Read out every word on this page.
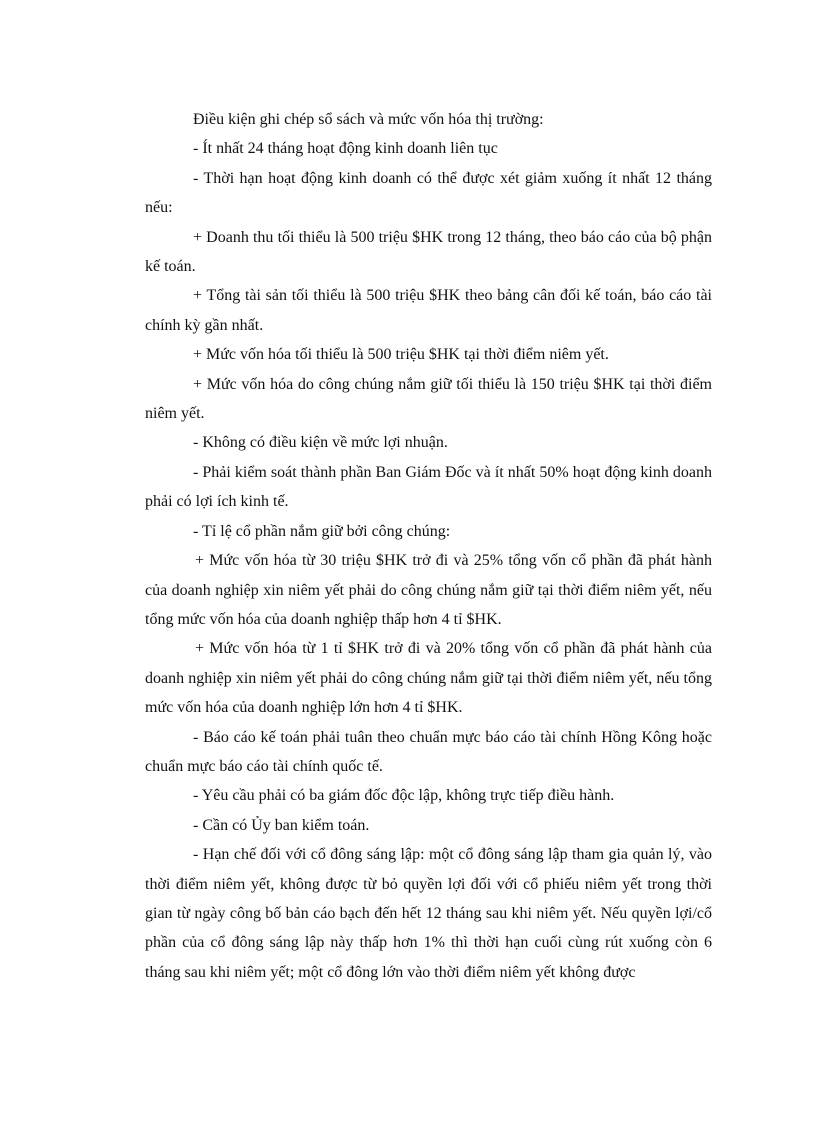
Điều kiện ghi chép sổ sách và mức vốn hóa thị trường:

- Ít nhất 24 tháng hoạt động kinh doanh liên tục

- Thời hạn hoạt động kinh doanh có thể được xét giảm xuống ít nhất 12 tháng nếu:

+ Doanh thu tối thiểu là 500 triệu $HK trong 12 tháng, theo báo cáo của bộ phận kế toán.

+ Tổng tài sản tối thiểu là 500 triệu $HK theo bảng cân đối kế toán, báo cáo tài chính kỳ gần nhất.

+ Mức vốn hóa tối thiểu là 500 triệu $HK tại thời điểm niêm yết.

+ Mức vốn hóa do công chúng nắm giữ tối thiểu là 150 triệu $HK tại thời điểm niêm yết.

- Không có điều kiện về mức lợi nhuận.

- Phải kiểm soát thành phần Ban Giám Đốc và ít nhất 50% hoạt động kinh doanh phải có lợi ích kinh tế.

- Tỉ lệ cổ phần nắm giữ bởi công chúng:

+ Mức vốn hóa từ 30 triệu $HK trở đi và 25% tổng vốn cổ phần đã phát hành của doanh nghiệp xin niêm yết phải do công chúng nắm giữ tại thời điểm niêm yết, nếu tổng mức vốn hóa của doanh nghiệp thấp hơn 4 tỉ $HK.

+ Mức vốn hóa từ 1 tỉ $HK trở đi và 20% tổng vốn cổ phần đã phát hành của doanh nghiệp xin niêm yết phải do công chúng nắm giữ tại thời điểm niêm yết, nếu tổng mức vốn hóa của doanh nghiệp lớn hơn 4 tỉ $HK.

- Báo cáo kế toán phải tuân theo chuẩn mực báo cáo tài chính Hồng Kông hoặc chuẩn mực báo cáo tài chính quốc tế.

- Yêu cầu phải có ba giám đốc độc lập, không trực tiếp điều hành.

- Cần có Ủy ban kiểm toán.

- Hạn chế đối với cổ đông sáng lập: một cổ đông sáng lập tham gia quản lý, vào thời điểm niêm yết, không được từ bỏ quyền lợi đối với cổ phiếu niêm yết trong thời gian từ ngày công bố bản cáo bạch đến hết 12 tháng sau khi niêm yết. Nếu quyền lợi/cổ phần của cổ đông sáng lập này thấp hơn 1% thì thời hạn cuối cùng rút xuống còn 6 tháng sau khi niêm yết; một cổ đông lớn vào thời điểm niêm yết không được
